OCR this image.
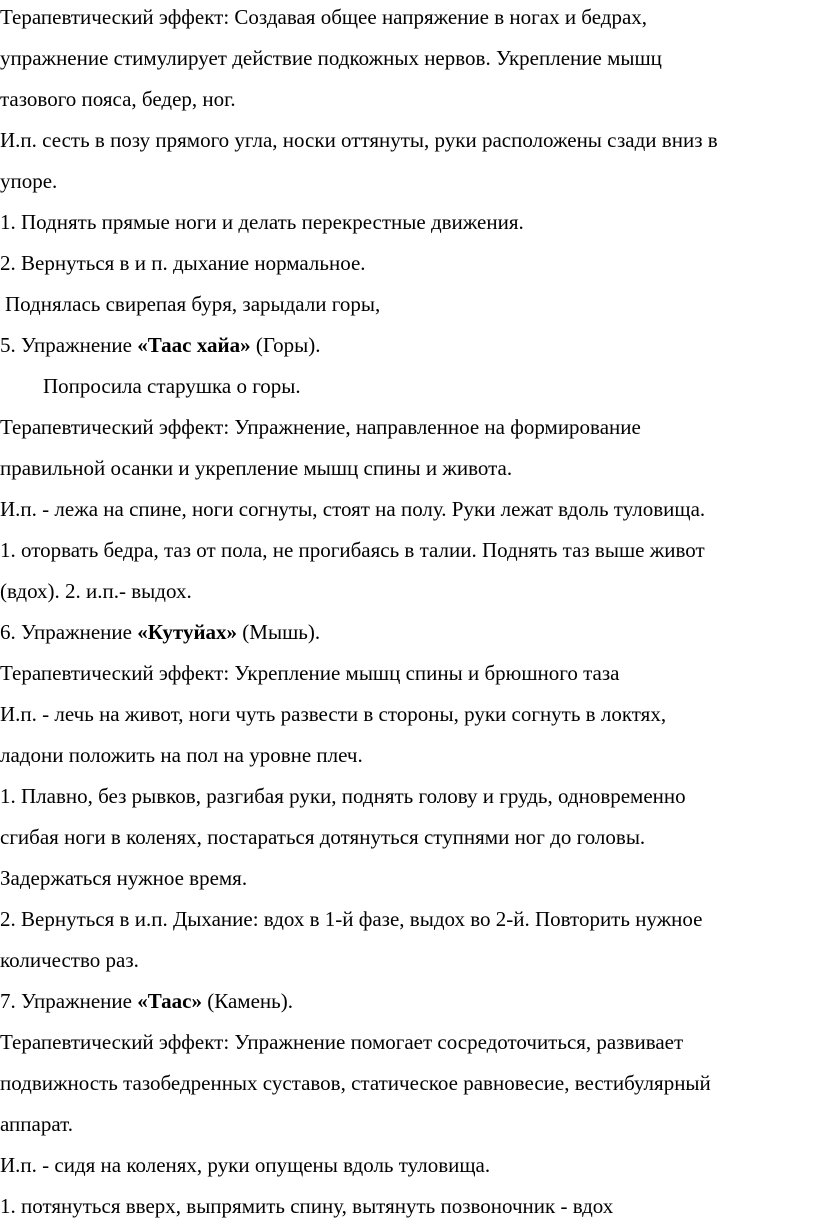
Терапевтический эффект: Создавая общее напряжение в ногах и бедрах,
упражнение стимулирует действие подкожных нервов. Укрепление мышц
тазового пояса, бедер, ног.
И.п. сесть в позу прямого угла, носки оттянуты, руки расположены сзади вниз в
упоре.
1. Поднять прямые ноги и делать перекрестные движения.
2. Вернуться в и п. дыхание нормальное.
Поднялась свирепая буря, зарыдали горы,
5. Упражнение «Таас хайа» (Горы).
Попросила старушка о горы.
Терапевтический эффект: Упражнение, направленное на формирование
правильной осанки и укрепление мышц спины и живота.
И.п. - лежа на спине, ноги согнуты, стоят на полу. Руки лежат вдоль туловища.
1. оторвать бедра, таз от пола, не прогибаясь в талии. Поднять таз выше живот
(вдох). 2. и.п.- выдох.
6. Упражнение «Кутуйах» (Мышь).
Терапевтический эффект: Укрепление мышц спины и брюшного таза
И.п. - лечь на живот, ноги чуть развести в стороны, руки согнуть в локтях,
ладони положить на пол на уровне плеч.
1. Плавно, без рывков, разгибая руки, поднять голову и грудь, одновременно
сгибая ноги в коленях, постараться дотянуться ступнями ног до головы.
Задержаться нужное время.
2. Вернуться в и.п. Дыхание: вдох в 1-й фазе, выдох во 2-й. Повторить нужное
количество раз.
7. Упражнение «Таас» (Камень).
Терапевтический эффект: Упражнение помогает сосредоточиться, развивает
подвижность тазобедренных суставов, статическое равновесие, вестибулярный
аппарат.
И.п. - сидя на коленях, руки опущены вдоль туловища.
1. потянуться вверх, выпрямить спину, вытянуть позвоночник - вдох
